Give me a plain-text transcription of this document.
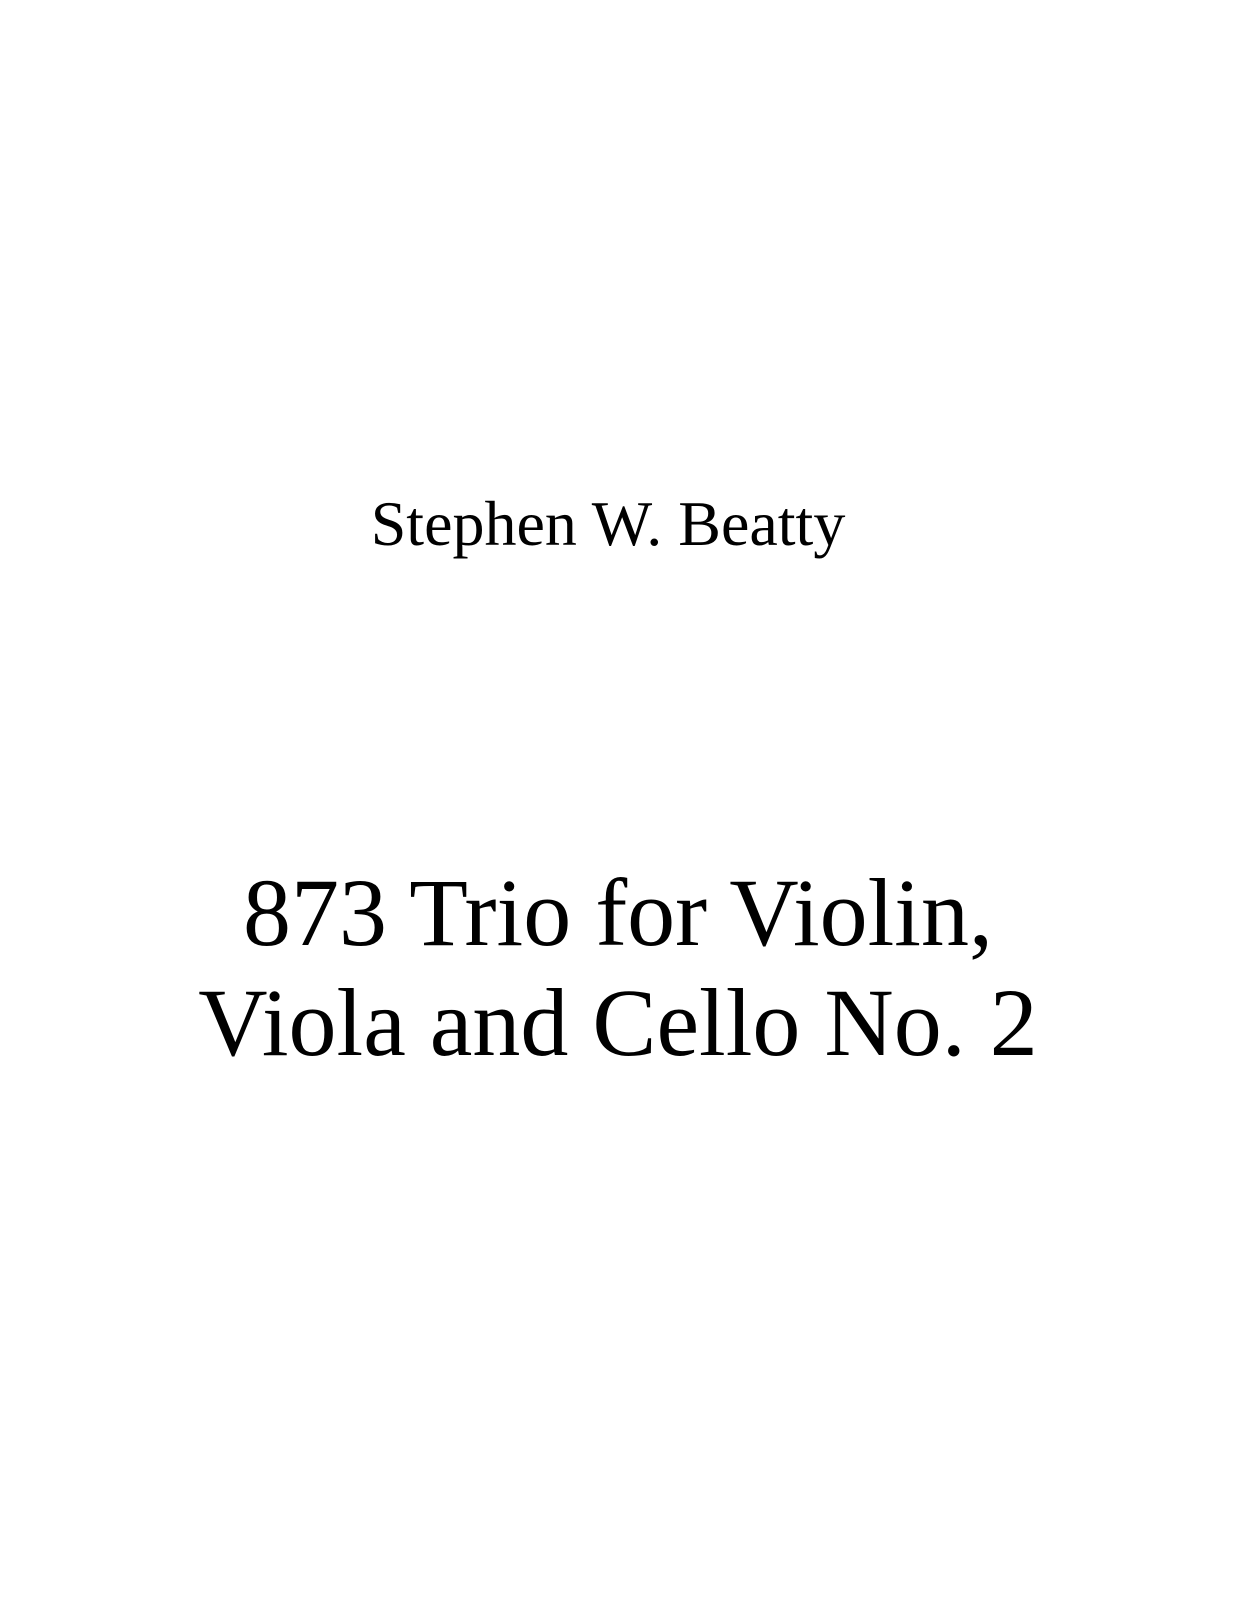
Stephen W. Beatty
873 Trio for Violin,
Viola and Cello No. 2
